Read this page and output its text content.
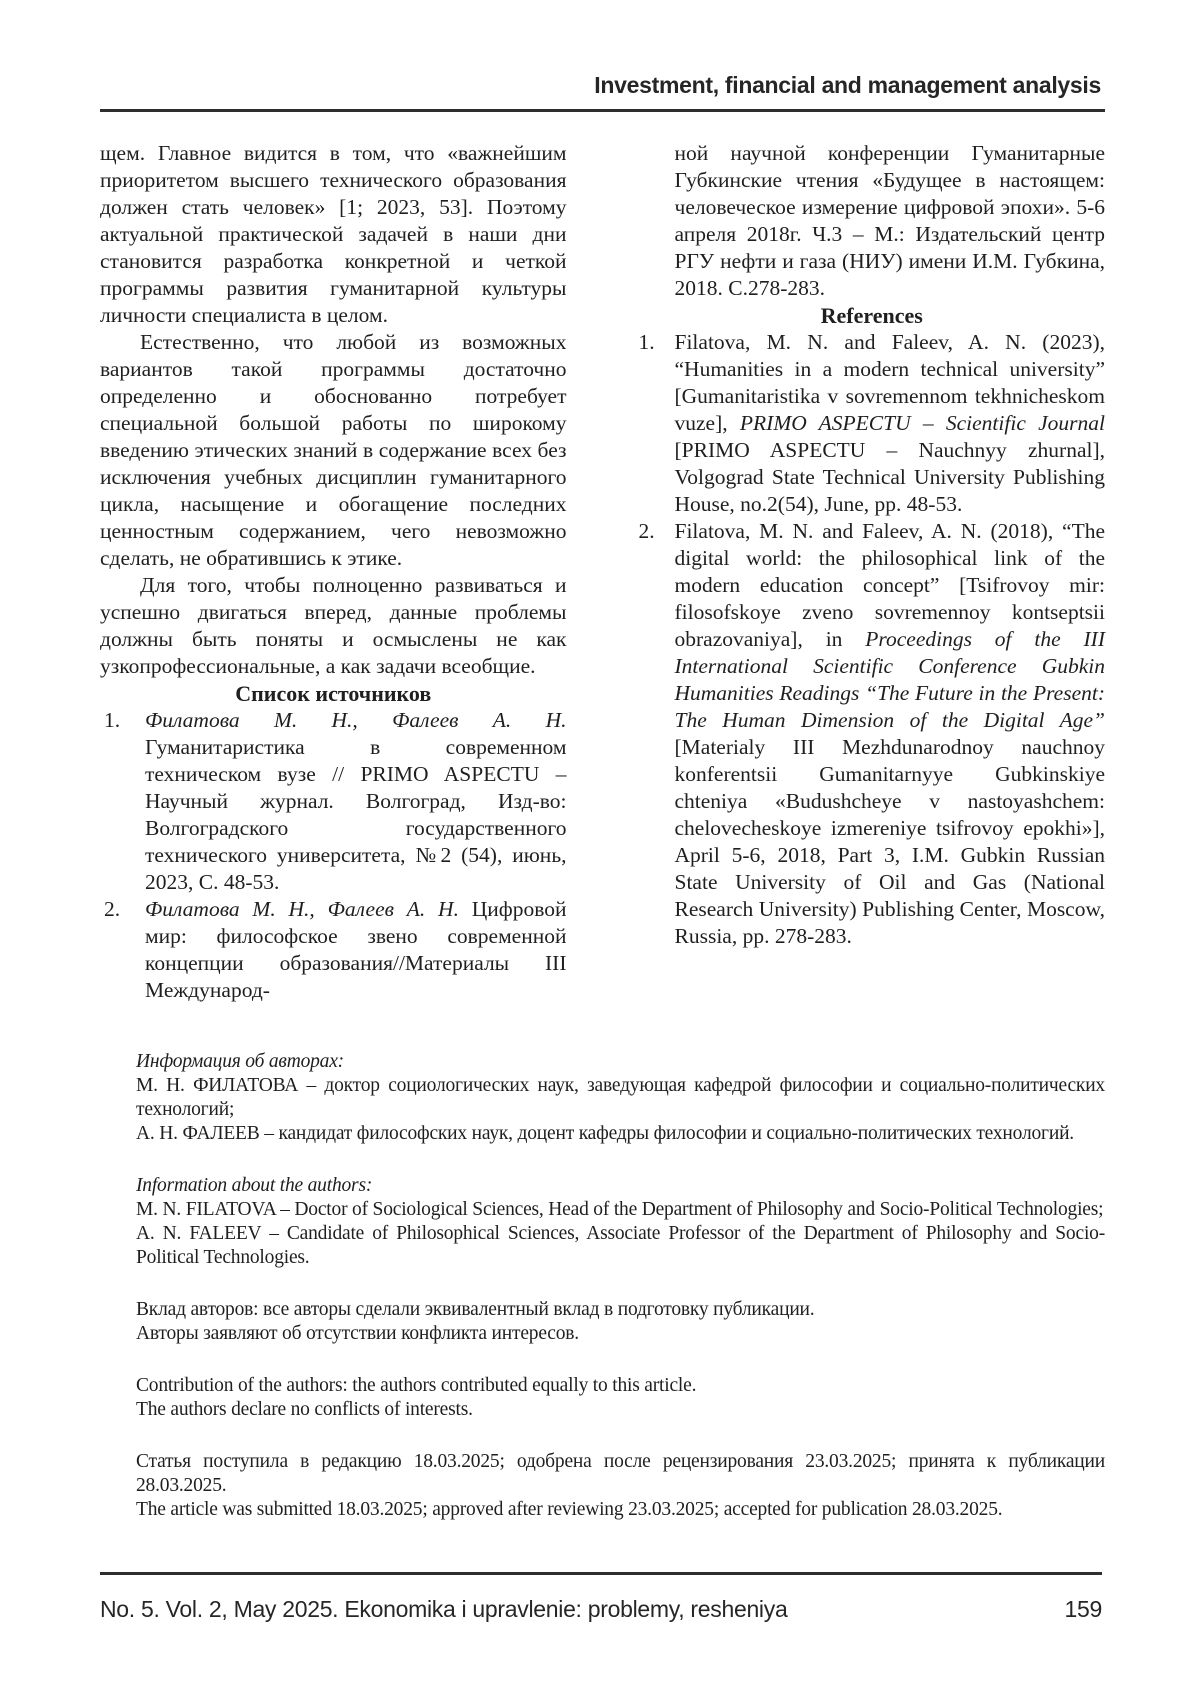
Investment, financial and management analysis

щем. Главное видится в том, что «важнейшим приоритетом высшего технического образования должен стать человек» [1; 2023, 53]. Поэтому актуальной практической задачей в наши дни становится разработка конкретной и четкой программы развития гуманитарной культуры личности специалиста в целом.

Естественно, что любой из возможных вариантов такой программы достаточно определенно и обоснованно потребует специальной большой работы по широкому введению этических знаний в содержание всех без исключения учебных дисциплин гуманитарного цикла, насыщение и обогащение последних ценностным содержанием, чего невозможно сделать, не обратившись к этике.

Для того, чтобы полноценно развиваться и успешно двигаться вперед, данные проблемы должны быть поняты и осмыслены не как узкопрофессиональные, а как задачи всеобщие.

Список источников

1. Филатова М. Н., Фалеев А. Н. Гуманитаристика в современном техническом вузе // PRIMO ASPECTU – Научный журнал. Волгоград, Изд-во: Волгоградского государственного технического университета, №2 (54), июнь, 2023, С. 48-53.
2. Филатова М. Н., Фалеев А. Н. Цифровой мир: философское звено современной концепции образования//Материалы III Международ-

ной научной конференции Гуманитарные Губкинские чтения «Будущее в настоящем: человеческое измерение цифровой эпохи». 5-6 апреля 2018г. Ч.3 – М.: Издательский центр РГУ нефти и газа (НИУ) имени И.М. Губкина, 2018. С.278-283.

References

1. Filatova, M. N. and Faleev, A. N. (2023), “Humanities in a modern technical university” [Gumanitaristika v sovremennom tekhnicheskom vuze], PRIMO ASPECTU – Scientific Journal [PRIMO ASPECTU – Nauchnyy zhurnal], Volgograd State Technical University Publishing House, no.2(54), June, pp. 48-53.
2. Filatova, M. N. and Faleev, A. N. (2018), “The digital world: the philosophical link of the modern education concept” [Tsifrovoy mir: filosofskoye zveno sovremennoy kontseptsii obrazovaniya], in Proceedings of the III International Scientific Conference Gubkin Humanities Readings “The Future in the Present: The Human Dimension of the Digital Age” [Materialy III Mezhdunarodnoy nauchnoy konferentsii Gumanitarnyye Gubkinskiye chteniya «Budushcheye v nastoyashchem: chelovecheskoye izmereniye tsifrovoy epokhi»], April 5-6, 2018, Part 3, I.M. Gubkin Russian State University of Oil and Gas (National Research University) Publishing Center, Moscow, Russia, pp. 278-283.

Информация об авторах:

М. Н. ФИЛАТОВА – доктор социологических наук, заведующая кафедрой философии и социально-политических технологий;

А. Н. ФАЛЕЕВ – кандидат философских наук, доцент кафедры философии и социально-политических технологий.

Information about the authors:

M. N. FILATOVA – Doctor of Sociological Sciences, Head of the Department of Philosophy and Socio-Political Technologies;

A. N. FALEEV – Candidate of Philosophical Sciences, Associate Professor of the Department of Philosophy and Socio-Political Technologies.

Вклад авторов: все авторы сделали эквивалентный вклад в подготовку публикации.

Авторы заявляют об отсутствии конфликта интересов.

Contribution of the authors: the authors contributed equally to this article.

The authors declare no conflicts of interests.

Статья поступила в редакцию 18.03.2025; одобрена после рецензирования 23.03.2025; принята к публикации 28.03.2025.

The article was submitted 18.03.2025; approved after reviewing 23.03.2025; accepted for publication 28.03.2025.

No. 5. Vol. 2, May 2025. Ekonomika i upravlenie: problemy, resheniya	159
